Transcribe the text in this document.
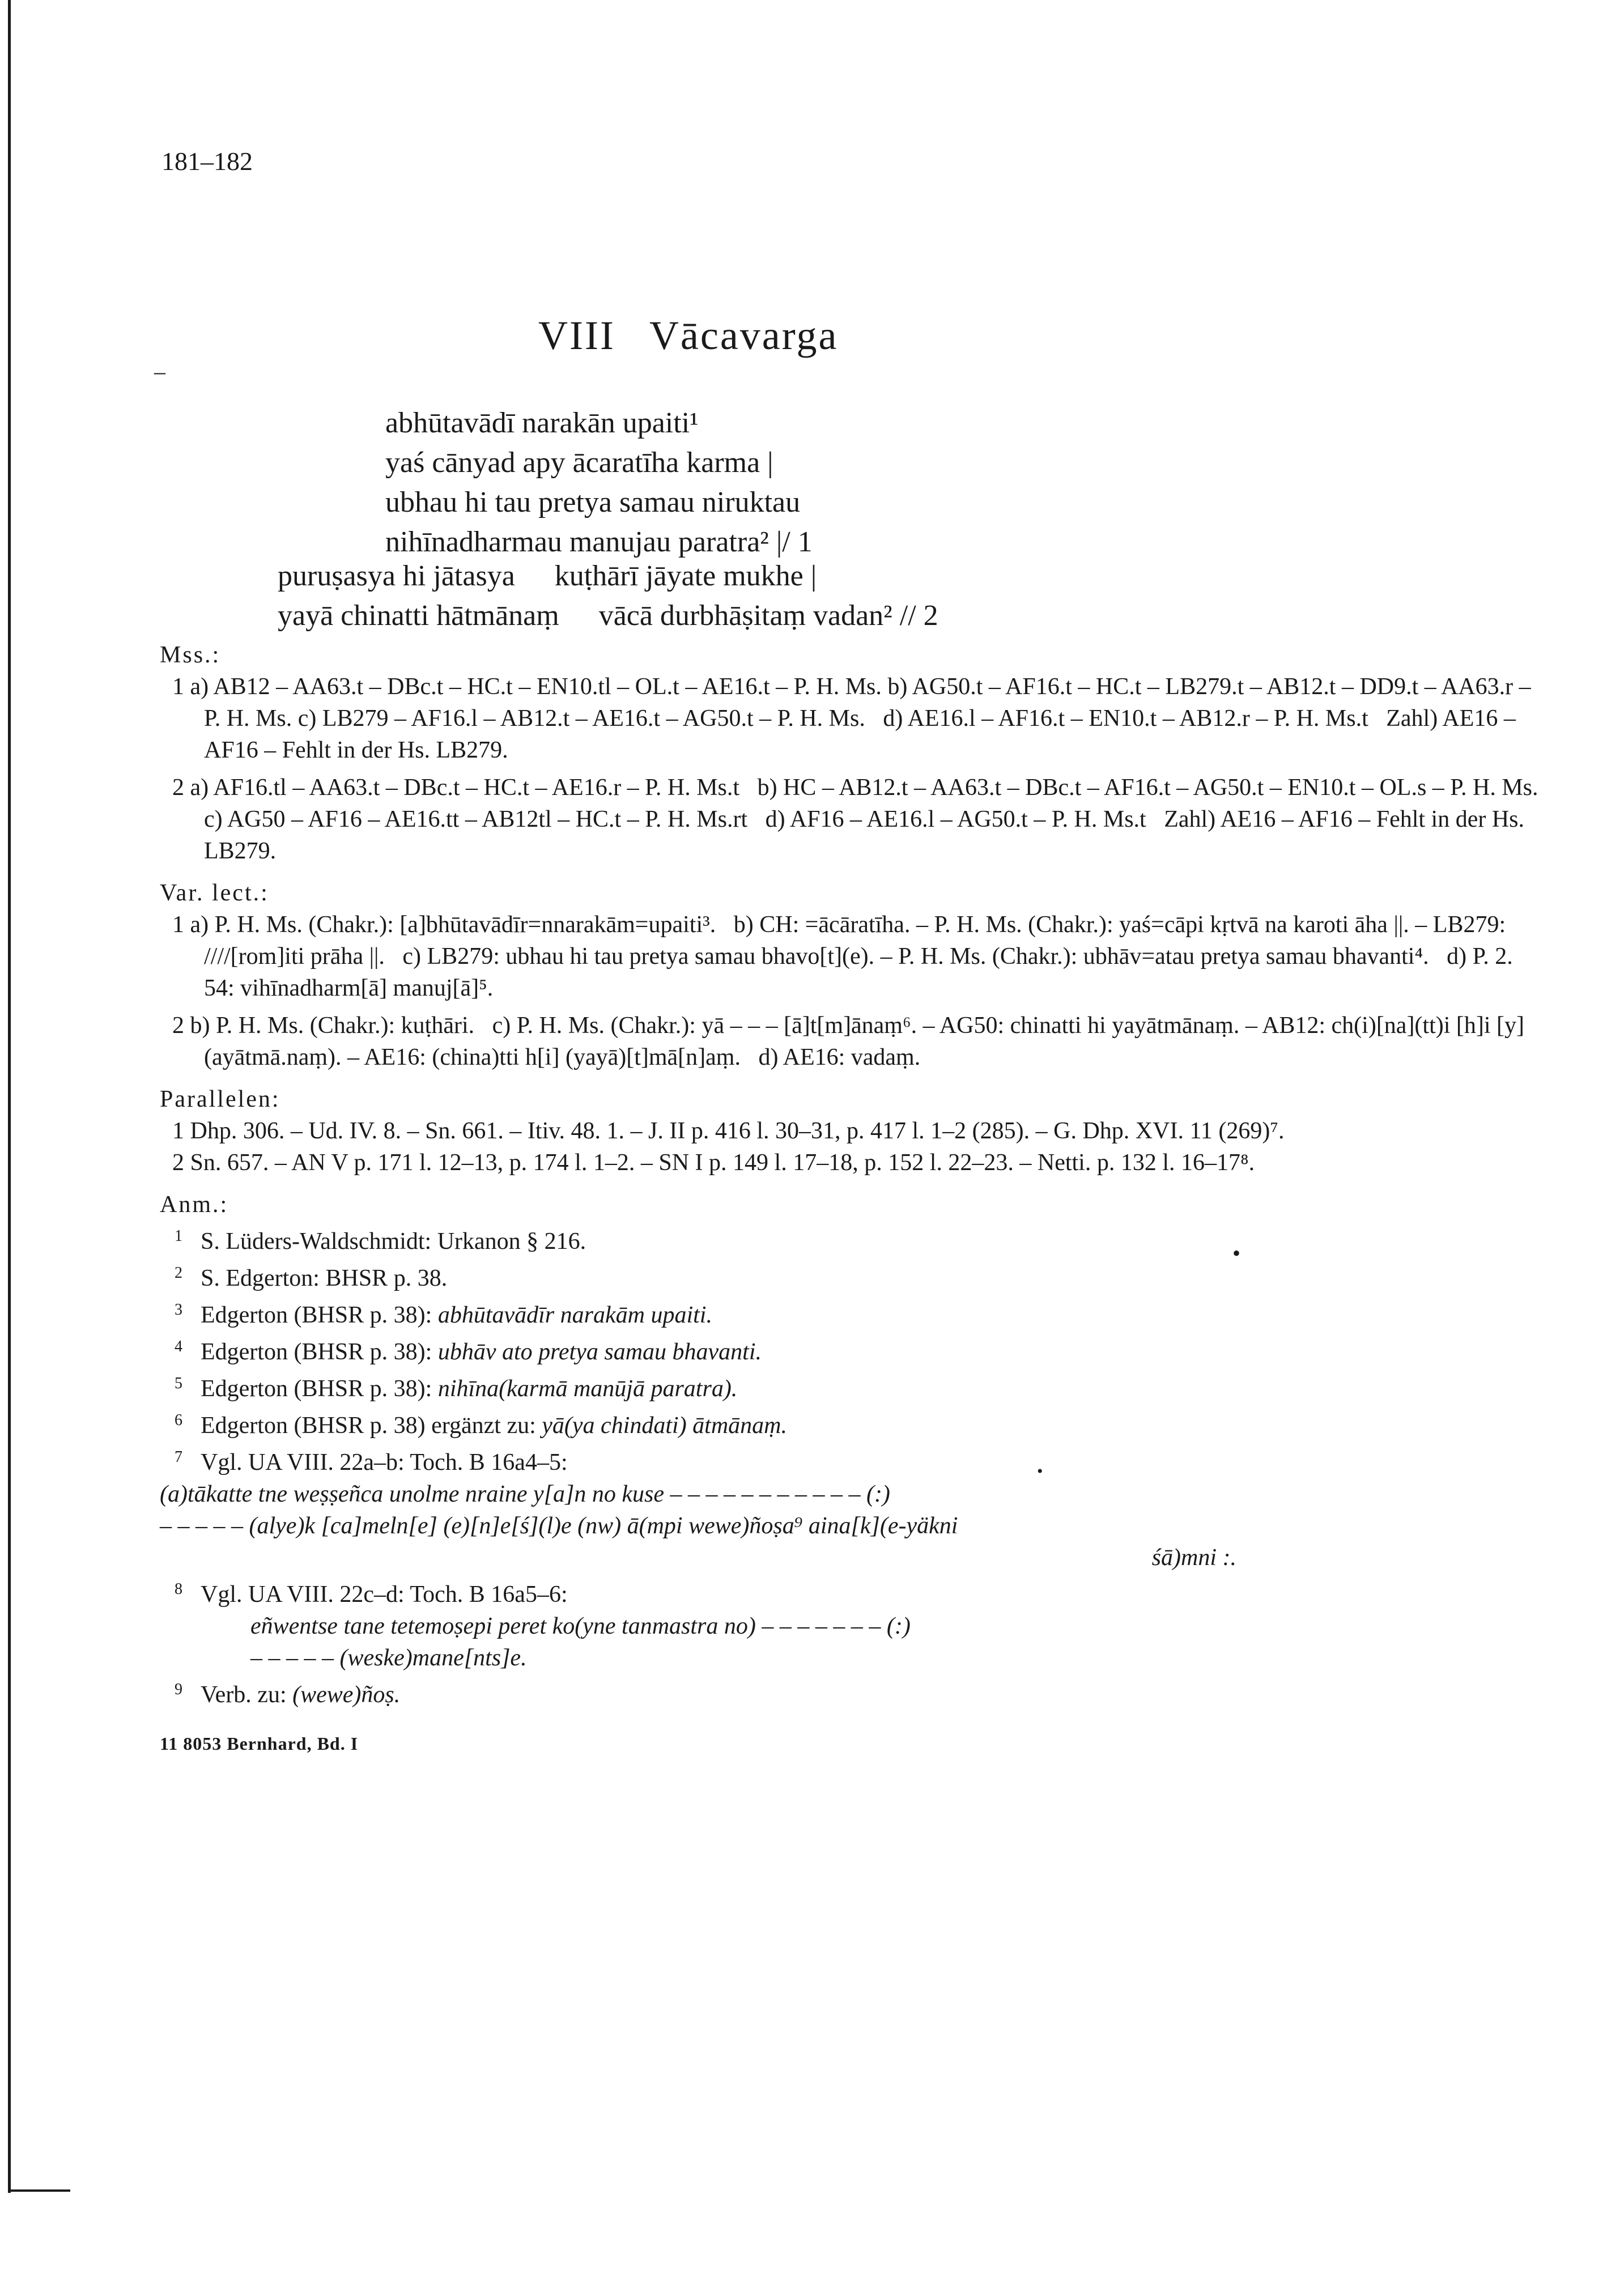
•
•
181–182
VIII Vācavarga
–
abhūtavādī narakān upaiti¹
yaś cānyad apy ācaratīha karma |
ubhau hi tau pretya samau niruktau
nihīnadharmau manujau paratra² |/ 1
puruṣasya hi jātasya kuṭhārī jāyate mukhe |
yayā chinatti hātmānaṃ vācā durbhāṣitaṃ vadan² // 2
Mss.:
1 a) AB12 – AA63.t – DBc.t – HC.t – EN10.tl – OL.t – AE16.t – P. H. Ms. b) AG50.t – AF16.t – HC.t – LB279.t – AB12.t – DD9.t – AA63.r – P. H. Ms. c) LB279 – AF16.l – AB12.t – AE16.t – AG50.t – P. H. Ms.   d) AE16.l – AF16.t – EN10.t – AB12.r – P. H. Ms.t   Zahl) AE16 – AF16 – Fehlt in der Hs. LB279.
2 a) AF16.tl – AA63.t – DBc.t – HC.t – AE16.r – P. H. Ms.t   b) HC – AB12.t – AA63.t – DBc.t – AF16.t – AG50.t – EN10.t – OL.s – P. H. Ms.   c) AG50 – AF16 – AE16.tt – AB12tl – HC.t – P. H. Ms.rt   d) AF16 – AE16.l – AG50.t – P. H. Ms.t   Zahl) AE16 – AF16 – Fehlt in der Hs. LB279.
Var. lect.:
1 a) P. H. Ms. (Chakr.): [a]bhūtavādīr=nnarakām=upaiti³.   b) CH: =ācāratīha. – P. H. Ms. (Chakr.): yaś=cāpi kṛtvā na karoti āha ||. – LB279: ////[rom]iti prāha ||.   c) LB279: ubhau hi tau pretya samau bhavo[t](e). – P. H. Ms. (Chakr.): ubhāv=atau pretya samau bhavanti⁴.   d) P. 2. 54: vihīnadharm[ā] manuj[ā]⁵.
2 b) P. H. Ms. (Chakr.): kuṭhāri.   c) P. H. Ms. (Chakr.): yā – – – [ā]t[m]ānaṃ⁶. – AG50: chinatti hi yayātmānaṃ. – AB12: ch(i)[na](tt)i [h]i [y](ayātmā.naṃ). – AE16: (china)tti h[i] (yayā)[t]mā[n]aṃ.   d) AE16: vadaṃ.
Parallelen:
1 Dhp. 306. – Ud. IV. 8. – Sn. 661. – Itiv. 48. 1. – J. II p. 416 l. 30–31, p. 417 l. 1–2 (285). – G. Dhp. XVI. 11 (269)⁷.
2 Sn. 657. – AN V p. 171 l. 12–13, p. 174 l. 1–2. – SN I p. 149 l. 17–18, p. 152 l. 22–23. – Netti. p. 132 l. 16–17⁸.
Anm.:
1 S. Lüders-Waldschmidt: Urkanon § 216.
2 S. Edgerton: BHSR p. 38.
3 Edgerton (BHSR p. 38): abhūtavādīr narakām upaiti.
4 Edgerton (BHSR p. 38): ubhāv ato pretya samau bhavanti.
5 Edgerton (BHSR p. 38): nihīna(karmā manūjā paratra).
6 Edgerton (BHSR p. 38) ergänzt zu: yā(ya chindati) ātmānaṃ.
7 Vgl. UA VIII. 22a–b: Toch. B 16a4–5:
(a)tākatte tne weṣṣeñca unolme nraine y[a]n no kuse – – – – – – – – – – – (:)
– – – – – (alye)k [ca]meln[e] (e)[n]e[ś](l)e (nw) ā(mpi wewe)ñoṣa⁹ aina[k](e-yäkni
śā)mni :.
8 Vgl. UA VIII. 22c–d: Toch. B 16a5–6:
eñwentse tane tetemoṣepi peret ko(yne tanmastra no) – – – – – – – (:)
– – – – – (weske)mane[nts]e.
9 Verb. zu: (wewe)ñoṣ.
11 8053 Bernhard, Bd. I
